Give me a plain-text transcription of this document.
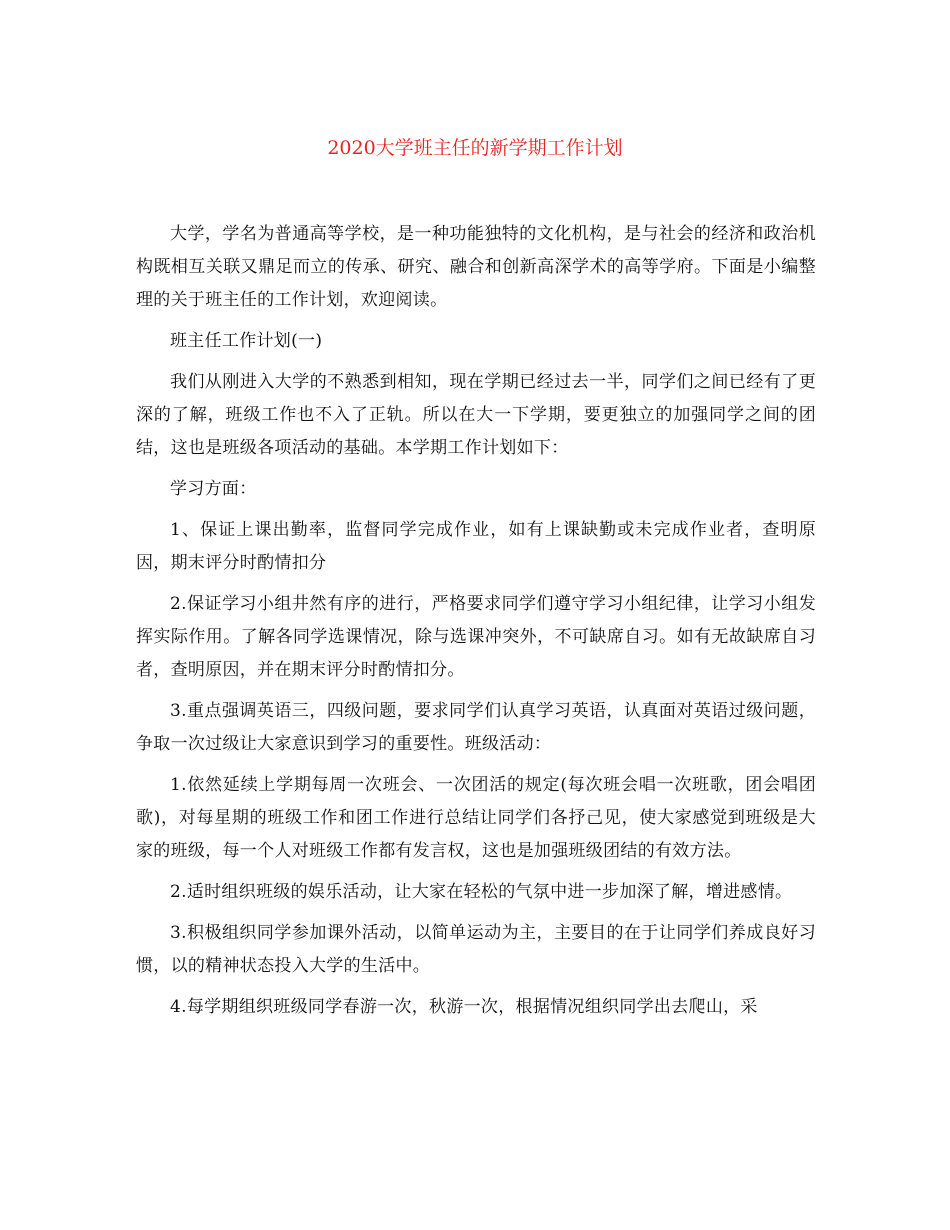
2020大学班主任的新学期工作计划

大学，学名为普通高等学校，是一种功能独特的文化机构，是与社会的经济和政治机构既相互关联又鼎足而立的传承、研究、融合和创新高深学术的高等学府。下面是小编整理的关于班主任的工作计划，欢迎阅读。

班主任工作计划(一)

我们从刚进入大学的不熟悉到相知，现在学期已经过去一半，同学们之间已经有了更深的了解，班级工作也不入了正轨。所以在大一下学期，要更独立的加强同学之间的团结，这也是班级各项活动的基础。本学期工作计划如下：

学习方面：

1、保证上课出勤率，监督同学完成作业，如有上课缺勤或未完成作业者，查明原因，期末评分时酌情扣分

2.保证学习小组井然有序的进行，严格要求同学们遵守学习小组纪律，让学习小组发挥实际作用。了解各同学选课情况，除与选课冲突外，不可缺席自习。如有无故缺席自习者，查明原因，并在期末评分时酌情扣分。

3.重点强调英语三，四级问题，要求同学们认真学习英语，认真面对英语过级问题，争取一次过级让大家意识到学习的重要性。班级活动：

1.依然延续上学期每周一次班会、一次团活的规定(每次班会唱一次班歌，团会唱团歌)，对每星期的班级工作和团工作进行总结让同学们各抒己见，使大家感觉到班级是大家的班级，每一个人对班级工作都有发言权，这也是加强班级团结的有效方法。

2.适时组织班级的娱乐活动，让大家在轻松的气氛中进一步加深了解，增进感情。

3.积极组织同学参加课外活动，以简单运动为主，主要目的在于让同学们养成良好习惯，以的精神状态投入大学的生活中。

4.每学期组织班级同学春游一次，秋游一次，根据情况组织同学出去爬山，采
